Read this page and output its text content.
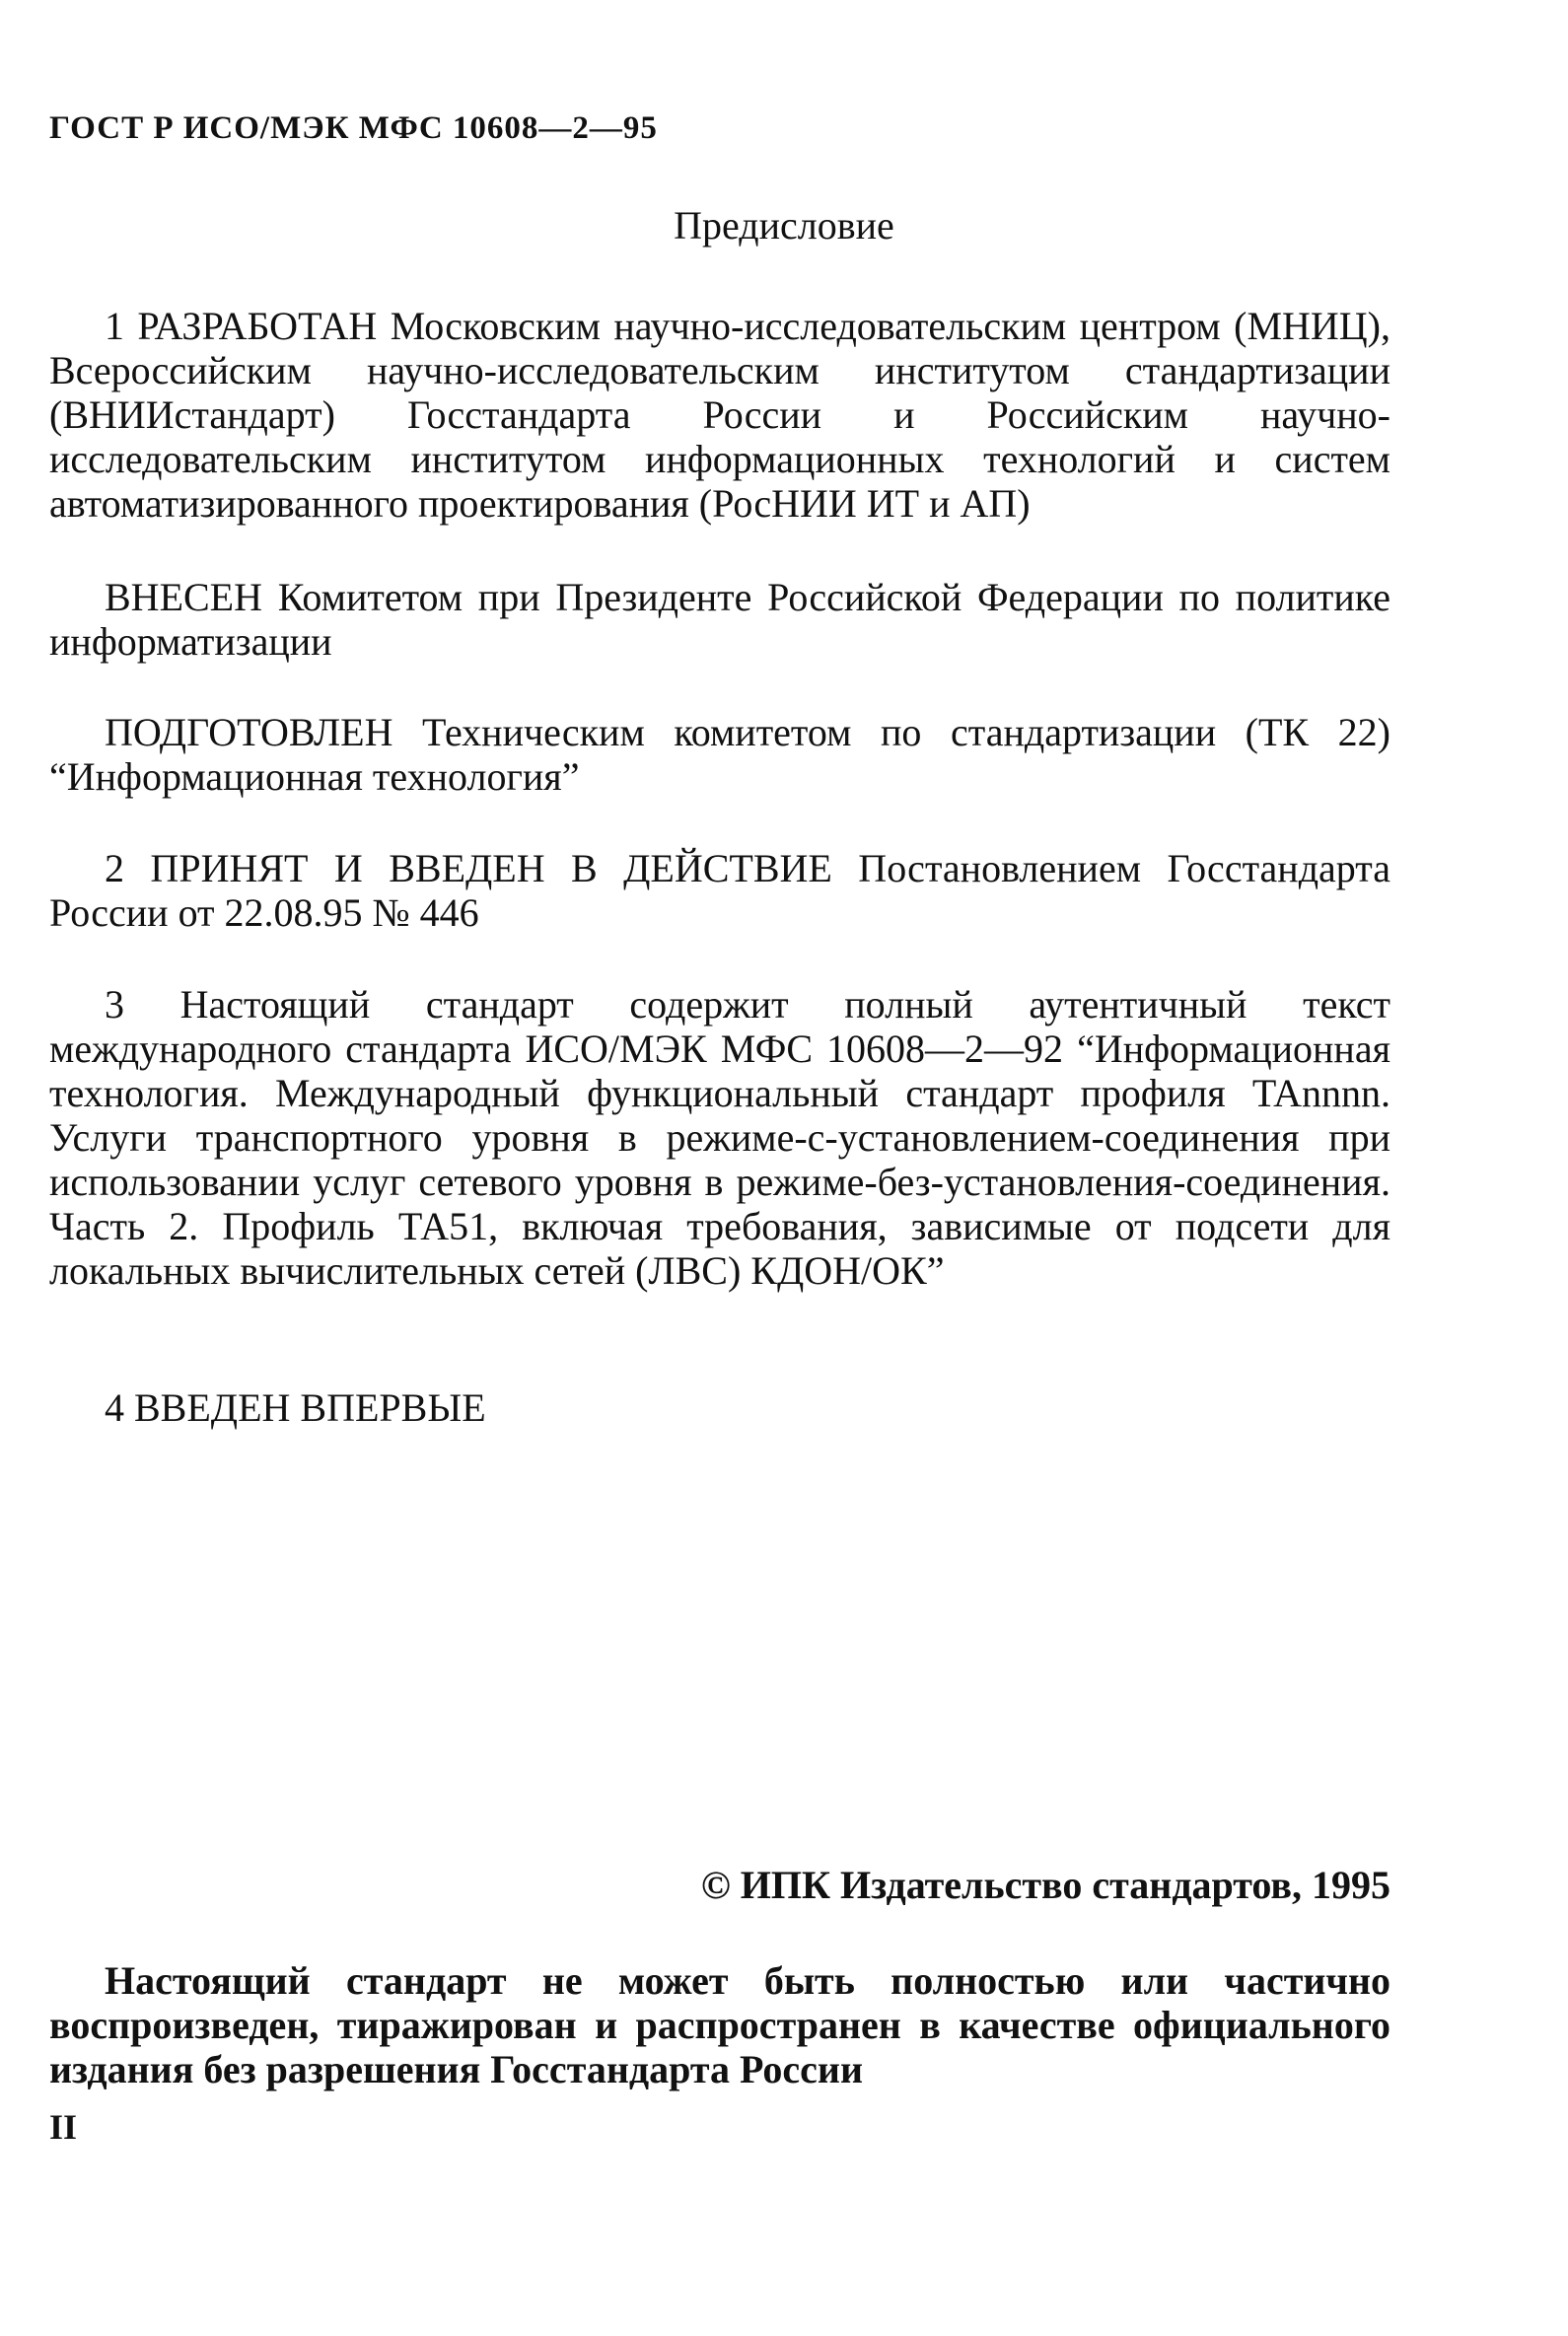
ГОСТ Р ИСО/МЭК МФС 10608—2—95
Предисловие

1 РАЗРАБОТАН Московским научно-исследовательским центром (МНИЦ), Всероссийским научно-исследовательским институтом стандартизации (ВНИИстандарт) Госстандарта России и Российским научно-исследовательским институтом информационных технологий и систем автоматизированного проектирования (РосНИИ ИТ и АП)

ВНЕСЕН Комитетом при Президенте Российской Федерации по политике информатизации

ПОДГОТОВЛЕН Техническим комитетом по стандартизации (ТК 22) “Информационная технология”

2 ПРИНЯТ И ВВЕДЕН В ДЕЙСТВИЕ Постановлением Госстандарта России от 22.08.95 № 446

3 Настоящий стандарт содержит полный аутентичный текст международного стандарта ИСО/МЭК МФС 10608—2—92 “Информационная технология. Международный функциональный стандарт профиля TAnnnn. Услуги транспортного уровня в режиме-с-установлением-соединения при использовании услуг сетевого уровня в режиме-без-установления-соединения. Часть 2. Профиль ТА51, включая требования, зависимые от подсети для локальных вычислительных сетей (ЛВС) КДОН/ОК”

4 ВВЕДЕН ВПЕРВЫЕ

© ИПК Издательство стандартов, 1995

Настоящий стандарт не может быть полностью или частично воспроизведен, тиражирован и распространен в качестве официального издания без разрешения Госстандарта России

II
